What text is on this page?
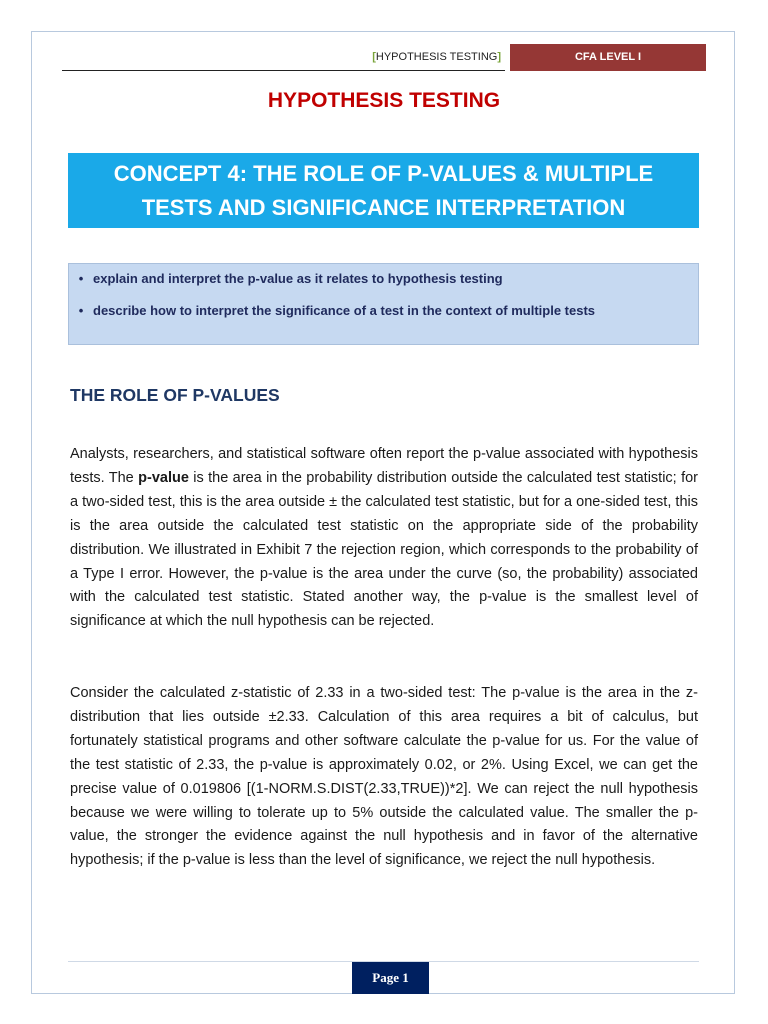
[HYPOTHESIS TESTING]	CFA LEVEL I
HYPOTHESIS TESTING
CONCEPT 4: THE ROLE OF P-VALUES & MULTIPLE
TESTS AND SIGNIFICANCE INTERPRETATION
• explain and interpret the p-value as it relates to hypothesis testing
• describe how to interpret the significance of a test in the context of multiple tests
THE ROLE OF P-VALUES

Analysts, researchers, and statistical software often report the p-value associated with hypothesis tests. The p-value is the area in the probability distribution outside the calculated test statistic; for a two-sided test, this is the area outside ± the calculated test statistic, but for a one-sided test, this is the area outside the calculated test statistic on the appropriate side of the probability distribution. We illustrated in Exhibit 7 the rejection region, which corresponds to the probability of a Type I error. However, the p-value is the area under the curve (so, the probability) associated with the calculated test statistic. Stated another way, the p-value is the smallest level of significance at which the null hypothesis can be rejected.

Consider the calculated z-statistic of 2.33 in a two-sided test: The p-value is the area in the z-distribution that lies outside ±2.33. Calculation of this area requires a bit of calculus, but fortunately statistical programs and other software calculate the p-value for us. For the value of the test statistic of 2.33, the p-value is approximately 0.02, or 2%. Using Excel, we can get the precise value of 0.019806 [(1-NORM.S.DIST(2.33,TRUE))*2]. We can reject the null hypothesis because we were willing to tolerate up to 5% outside the calculated value. The smaller the p-value, the stronger the evidence against the null hypothesis and in favor of the alternative hypothesis; if the p-value is less than the level of significance, we reject the null hypothesis.

Page 1
